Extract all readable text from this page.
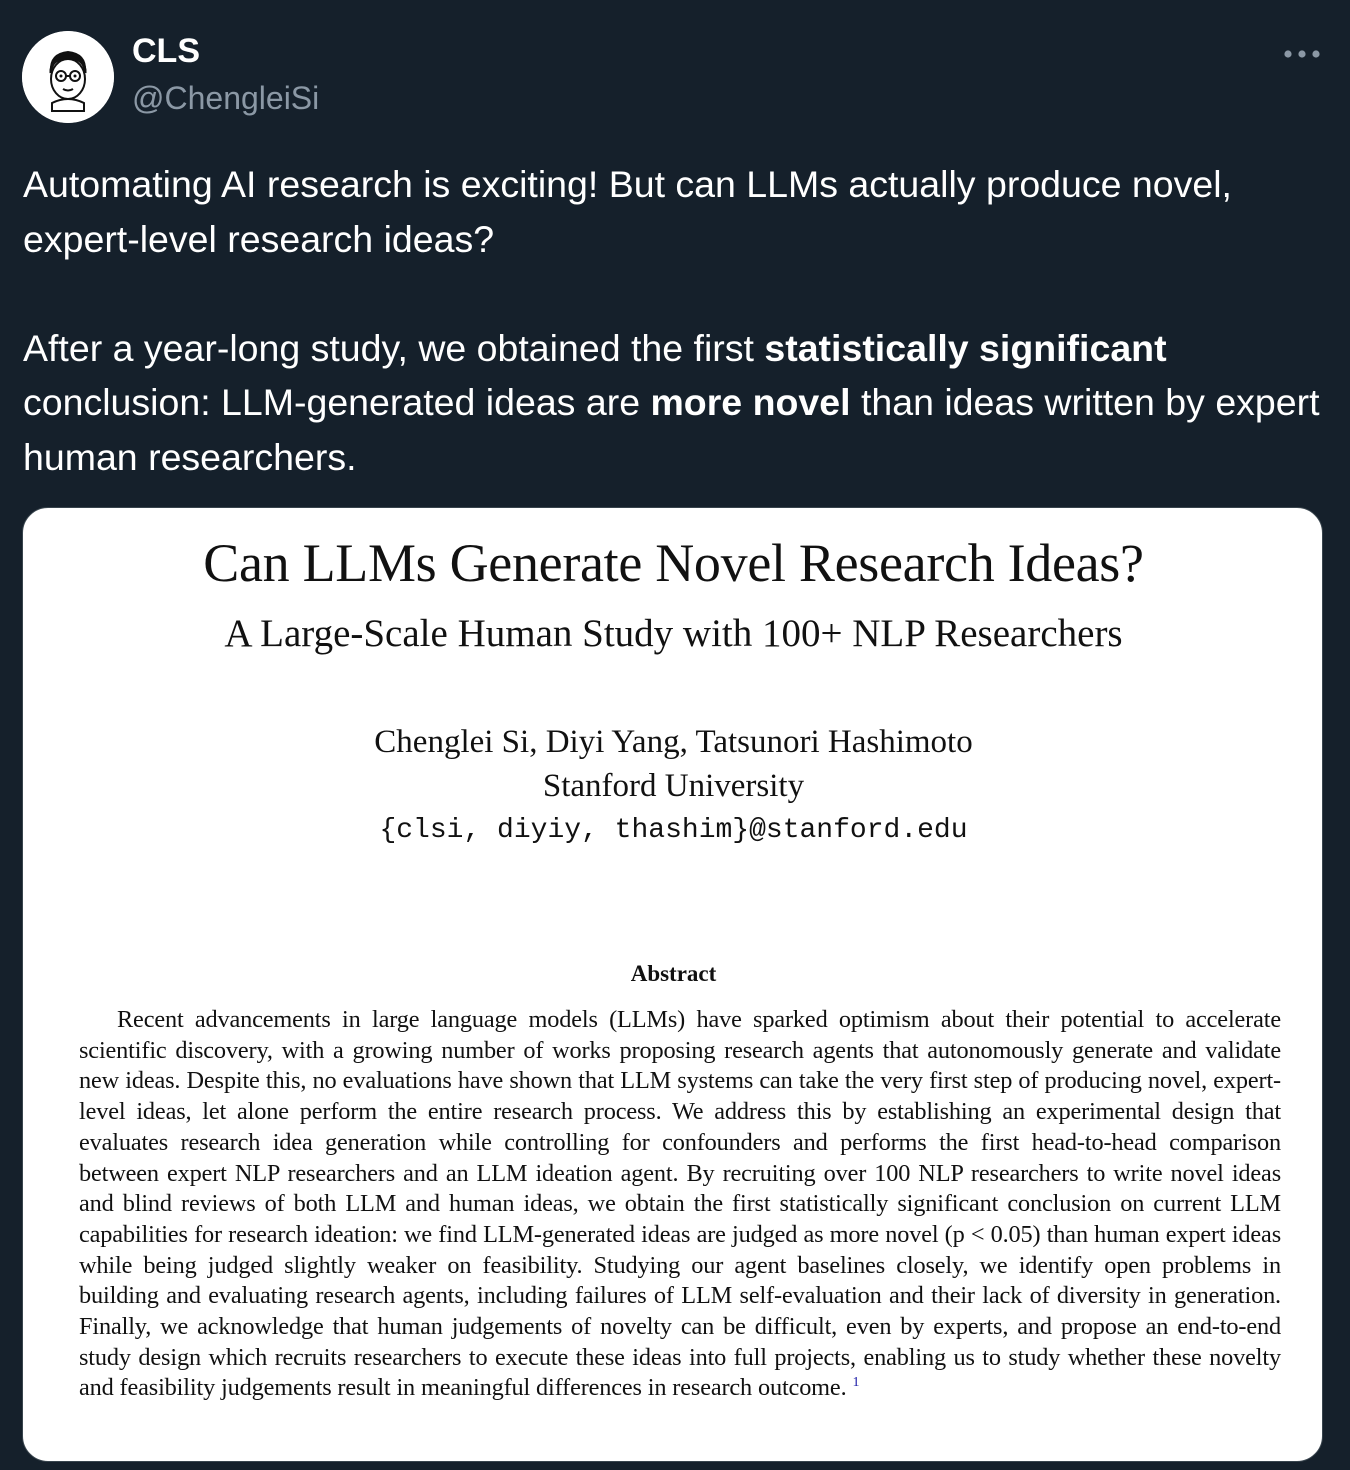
CLS
@ChengleiSi

Automating AI research is exciting! But can LLMs actually produce novel, expert-level research ideas?

After a year-long study, we obtained the first statistically significant conclusion: LLM-generated ideas are more novel than ideas written by expert human researchers.

Can LLMs Generate Novel Research Ideas?
A Large-Scale Human Study with 100+ NLP Researchers
Chenglei Si, Diyi Yang, Tatsunori Hashimoto
Stanford University
{clsi, diyiy, thashim}@stanford.edu
Abstract
Recent advancements in large language models (LLMs) have sparked optimism about their potential to accelerate scientific discovery, with a growing number of works proposing research agents that autonomously generate and validate new ideas. Despite this, no evaluations have shown that LLM systems can take the very first step of producing novel, expert-level ideas, let alone perform the entire research process. We address this by establishing an experimental design that evaluates research idea generation while controlling for confounders and performs the first head-to-head comparison between expert NLP researchers and an LLM ideation agent. By recruiting over 100 NLP researchers to write novel ideas and blind reviews of both LLM and human ideas, we obtain the first statistically significant conclusion on current LLM capabilities for research ideation: we find LLM-generated ideas are judged as more novel (p < 0.05) than human expert ideas while being judged slightly weaker on feasibility. Studying our agent baselines closely, we identify open problems in building and evaluating research agents, including failures of LLM self-evaluation and their lack of diversity in generation. Finally, we acknowledge that human judgements of novelty can be difficult, even by experts, and propose an end-to-end study design which recruits researchers to execute these ideas into full projects, enabling us to study whether these novelty and feasibility judgements result in meaningful differences in research outcome. $^1$
